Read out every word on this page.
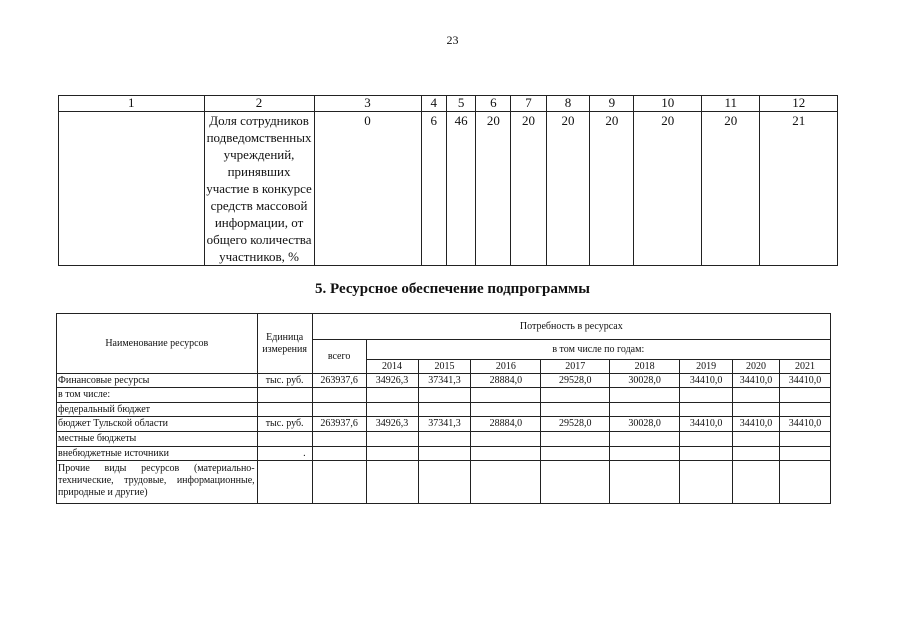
23
1	2	3	4	5	6	7	8	9	10	11	12
	Доля сотрудников подведомственных учреждений, принявших участие в конкурсе средств массовой информации, от общего количества участников, %	0	6	46	20	20	20	20	20	20	21
5. Ресурсное обеспечение подпрограммы
Наименование ресурсов	Единица измерения	Потребность в ресурсах								
		всего	в том числе по годам:							
			2014	2015	2016	2017	2018	2019	2020	2021
Финансовые ресурсы	тыс. руб.	263937,6	34926,3	37341,3	28884,0	29528,0	30028,0	34410,0	34410,0	34410,0
в том числе:										
федеральный бюджет										
бюджет Тульской области	тыс. руб.	263937,6	34926,3	37341,3	28884,0	29528,0	30028,0	34410,0	34410,0	34410,0
местные бюджеты										
внебюджетные источники	.									
Прочие виды ресурсов (материально-технические, трудовые, информационные, природные и другие)										
